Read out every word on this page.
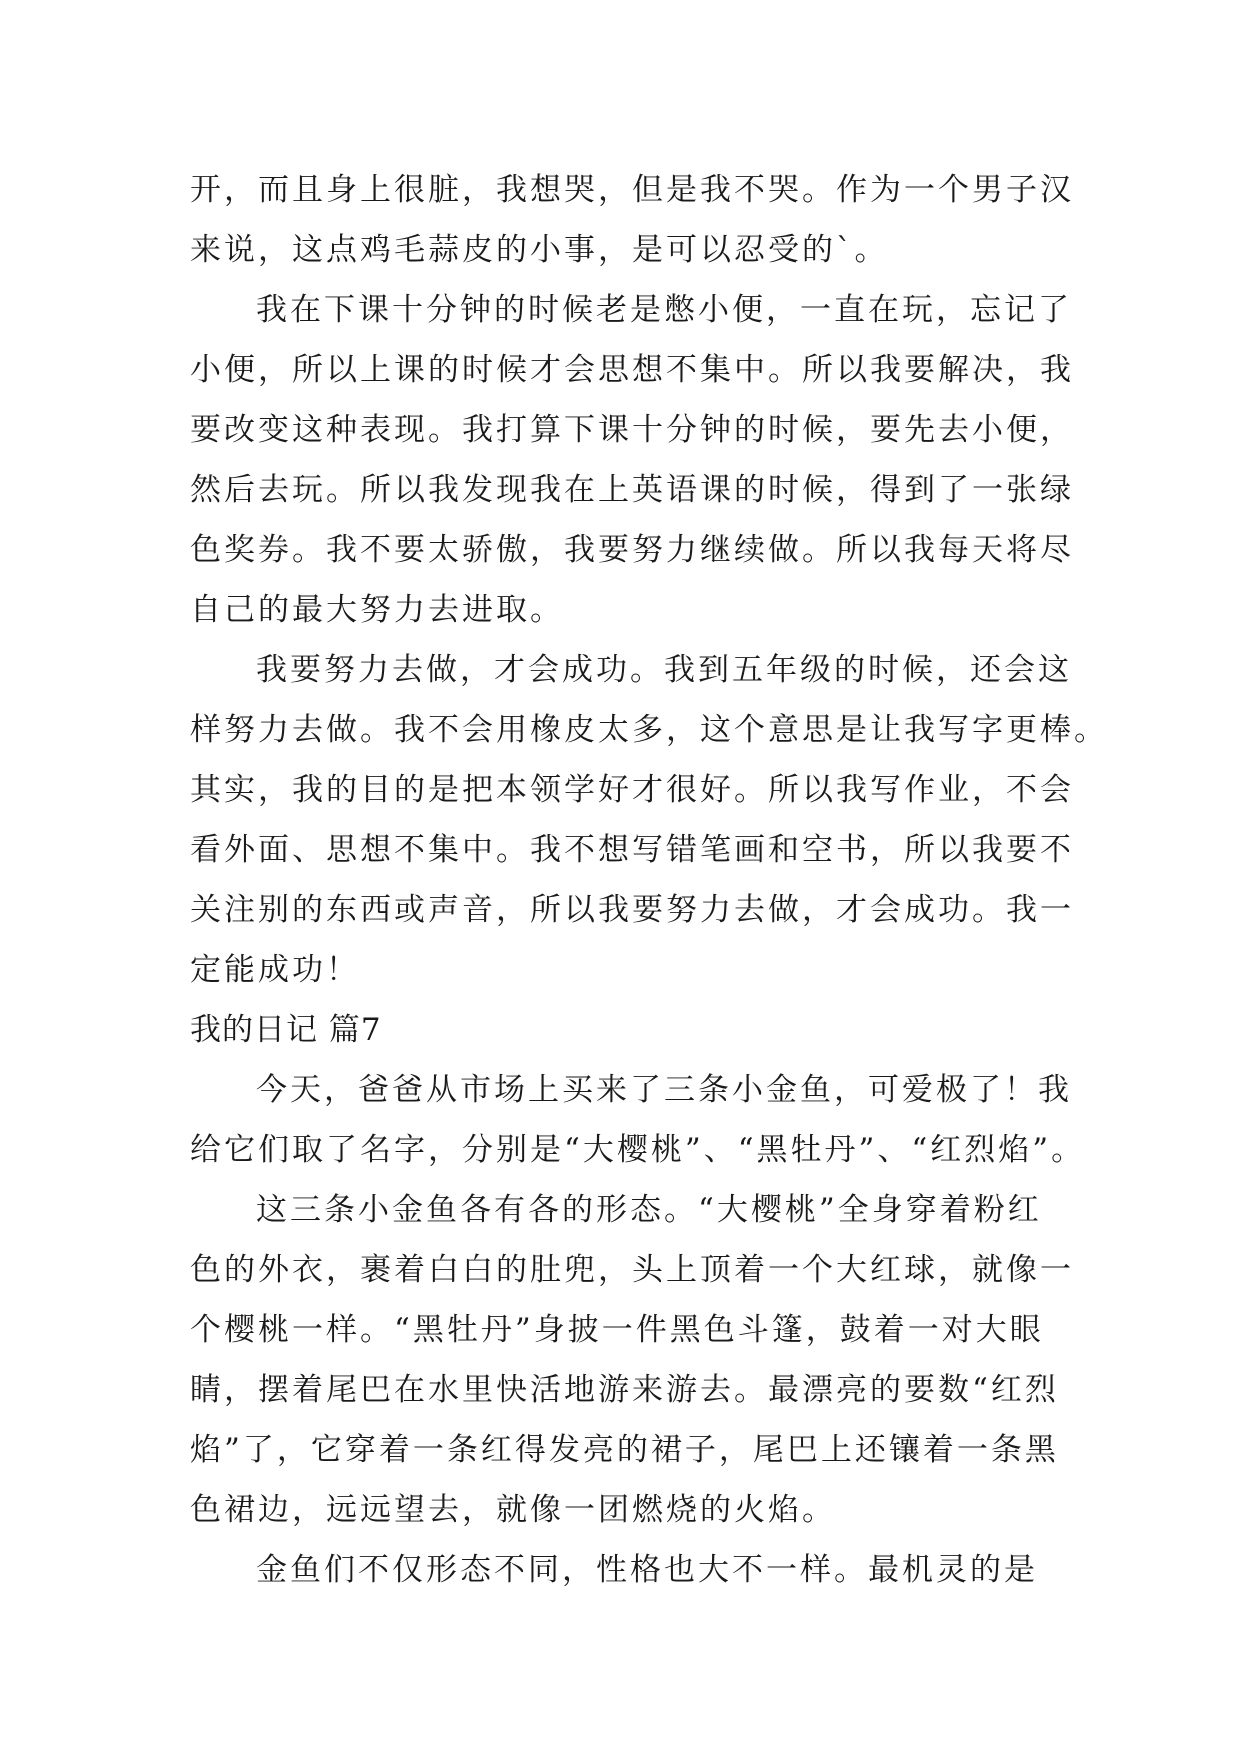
开，而且身上很脏，我想哭，但是我不哭。作为一个男子汉
来说，这点鸡毛蒜皮的小事，是可以忍受的`。
我在下课十分钟的时候老是憋小便，一直在玩，忘记了
小便，所以上课的时候才会思想不集中。所以我要解决，我
要改变这种表现。我打算下课十分钟的时候，要先去小便，
然后去玩。所以我发现我在上英语课的时候，得到了一张绿
色奖券。我不要太骄傲，我要努力继续做。所以我每天将尽
自己的最大努力去进取。
我要努力去做，才会成功。我到五年级的时候，还会这
样努力去做。我不会用橡皮太多，这个意思是让我写字更棒。
其实，我的目的是把本领学好才很好。所以我写作业，不会
看外面、思想不集中。我不想写错笔画和空书，所以我要不
关注别的东西或声音，所以我要努力去做，才会成功。我一
定能成功！
我的日记 篇7
今天，爸爸从市场上买来了三条小金鱼，可爱极了！我
给它们取了名字，分别是“大樱桃”、“黑牡丹”、“红烈焰”。
这三条小金鱼各有各的形态。“大樱桃”全身穿着粉红
色的外衣，裹着白白的肚兜，头上顶着一个大红球，就像一
个樱桃一样。“黑牡丹”身披一件黑色斗篷，鼓着一对大眼
睛，摆着尾巴在水里快活地游来游去。最漂亮的要数“红烈
焰”了，它穿着一条红得发亮的裙子，尾巴上还镶着一条黑
色裙边，远远望去，就像一团燃烧的火焰。
金鱼们不仅形态不同，性格也大不一样。最机灵的是
